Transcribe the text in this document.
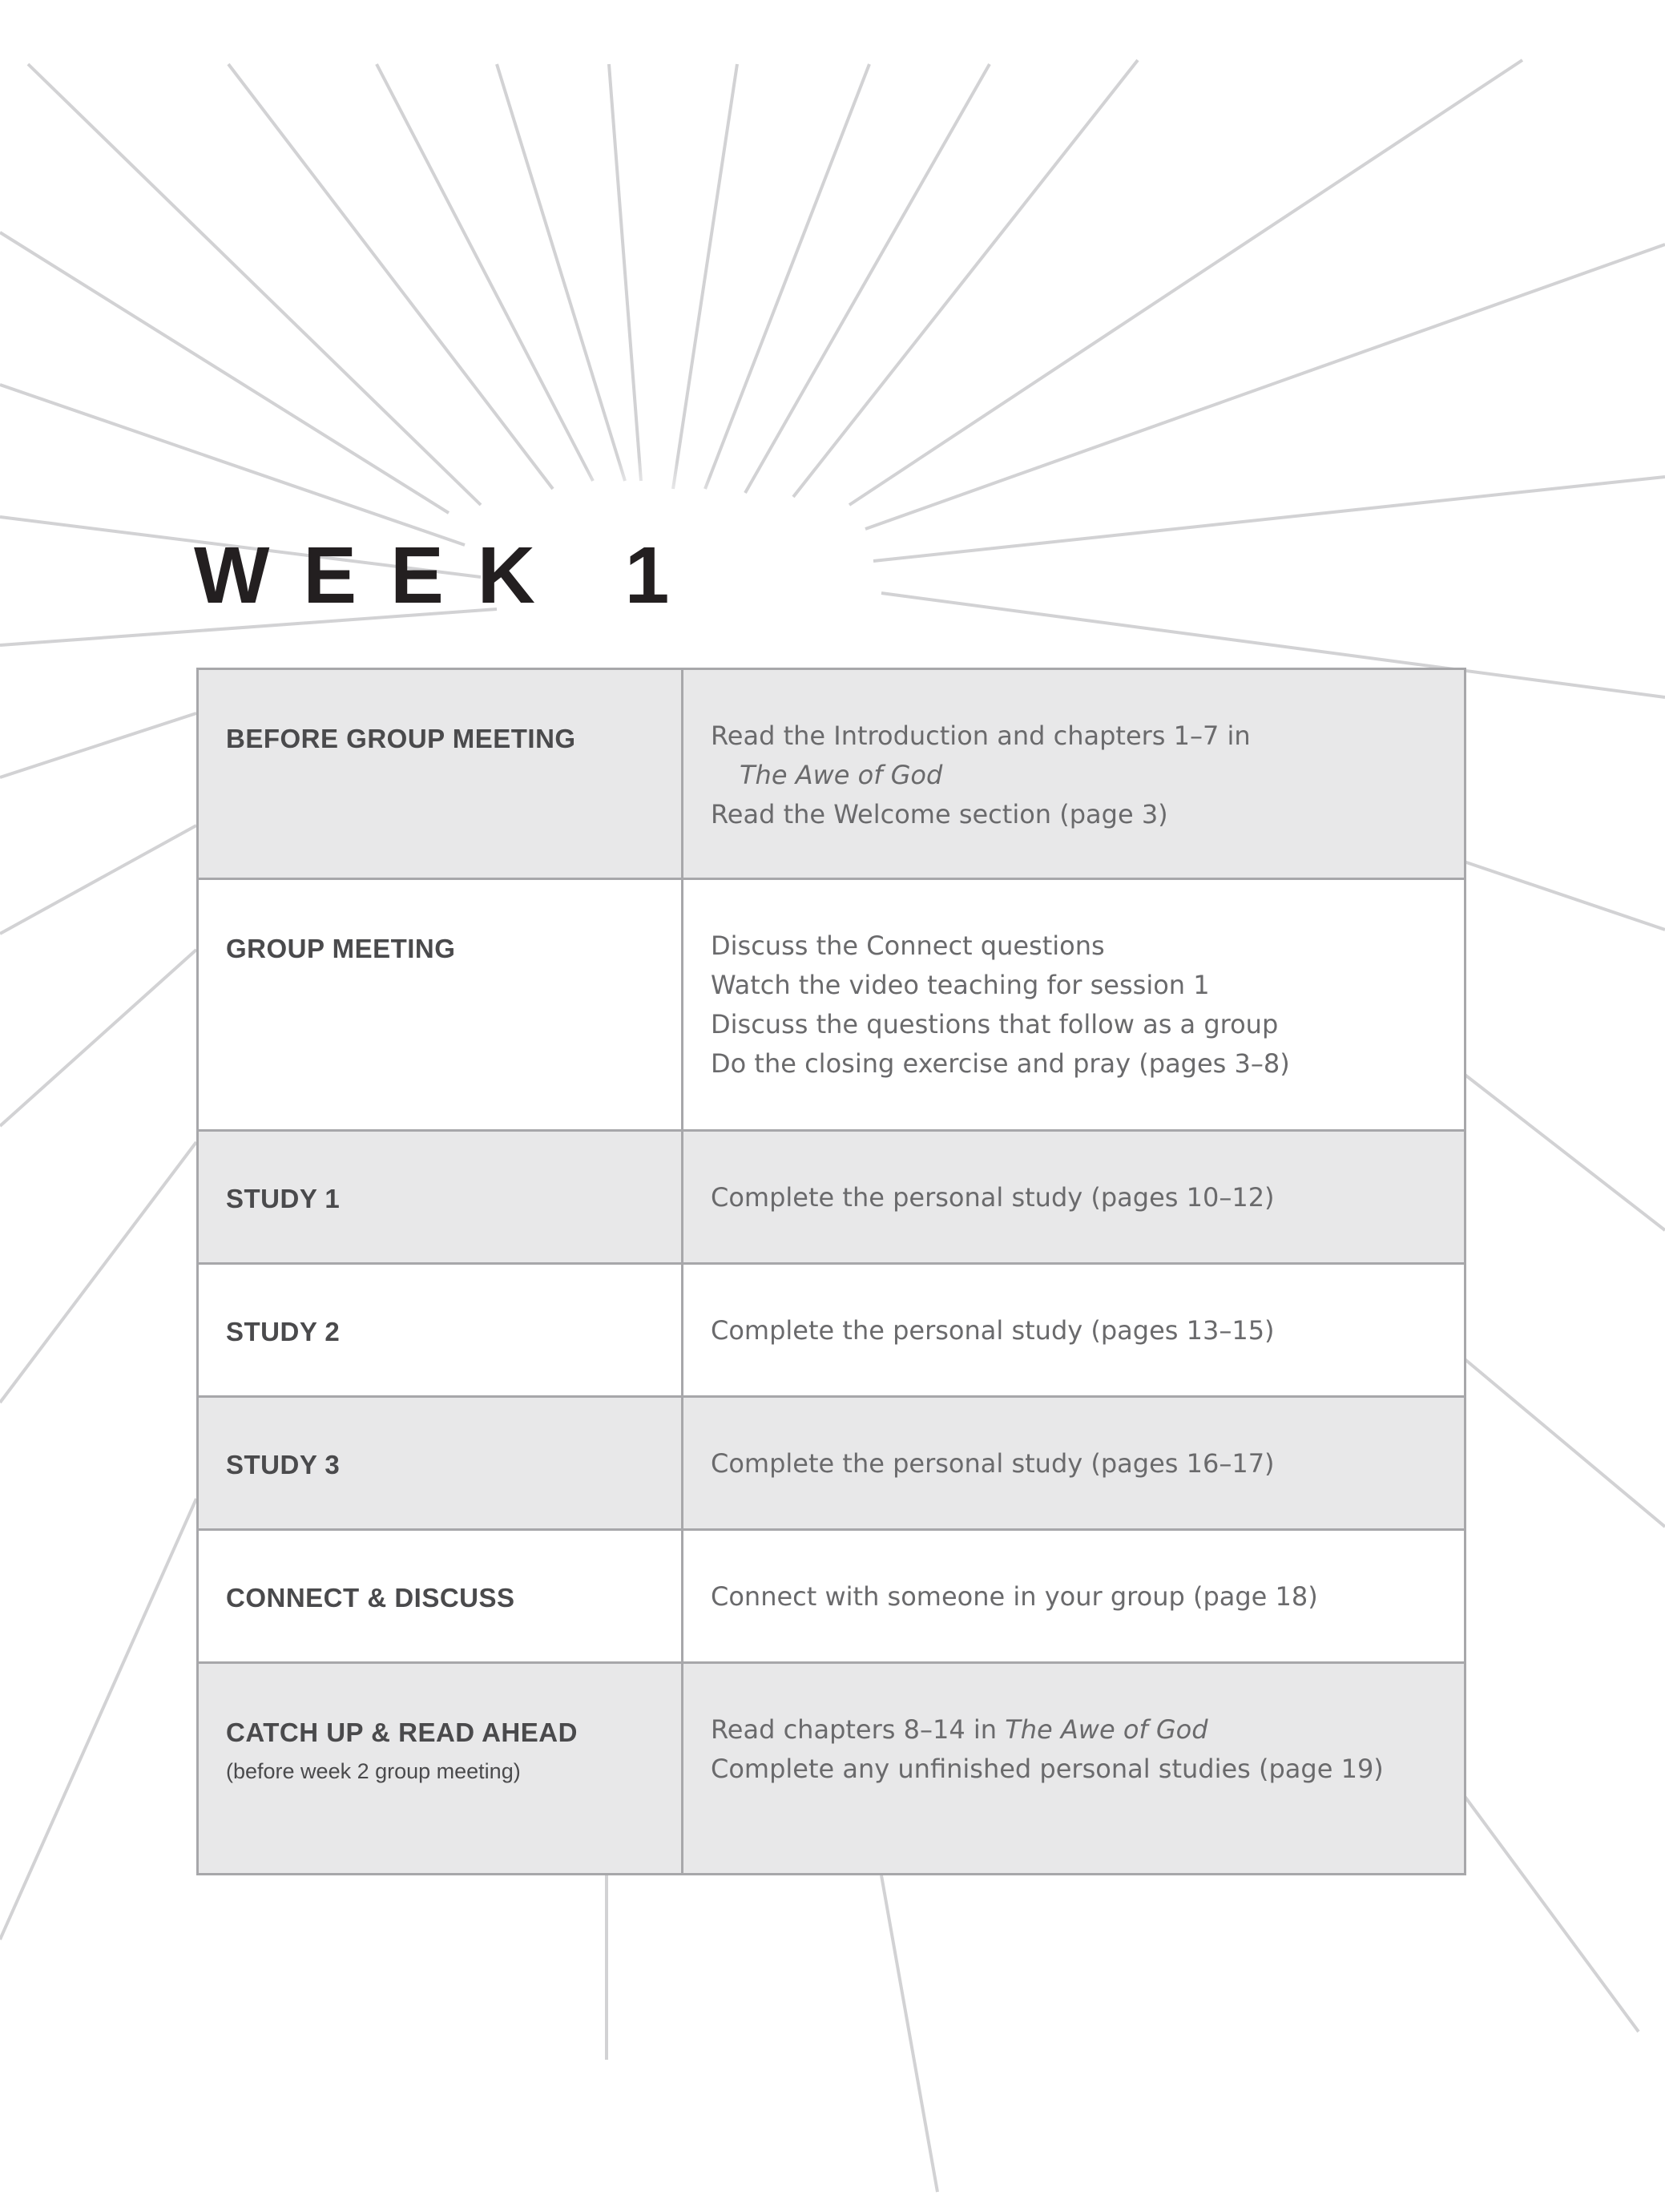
WEEK 1
BEFORE GROUP MEETING	Read the Introduction and chapters 1–7 in
The Awe of God
Read the Welcome section (page 3)

GROUP MEETING	Discuss the Connect questions
Watch the video teaching for session 1
Discuss the questions that follow as a group
Do the closing exercise and pray (pages 3–8)

STUDY 1	Complete the personal study (pages 10–12)

STUDY 2	Complete the personal study (pages 13–15)

STUDY 3	Complete the personal study (pages 16–17)

CONNECT & DISCUSS	Connect with someone in your group (page 18)

CATCH UP & READ AHEAD
(before week 2 group meeting)	Read chapters 8–14 in The Awe of God
Complete any unfinished personal studies (page 19)
